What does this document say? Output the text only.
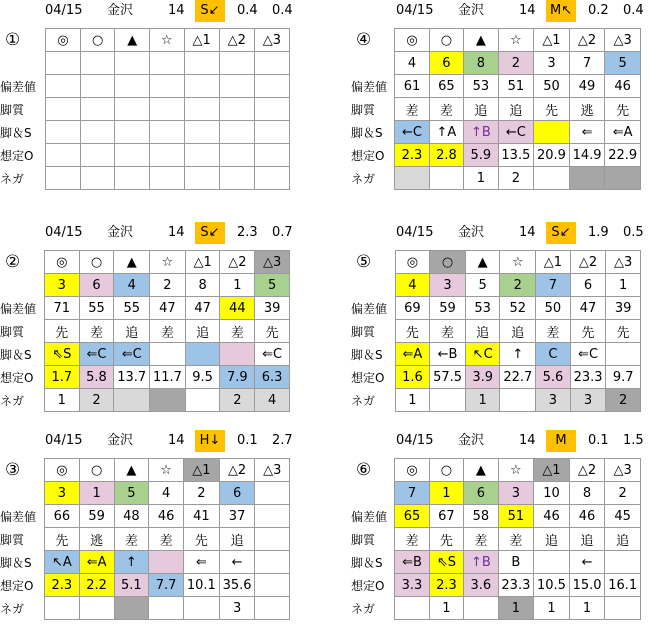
04/15 金沢	14	S↙	0.4 0.4
①
		◎	○	▲	☆	△1	△2	△3

偏差値							
脚質							
脚＆S							
想定O							
ネガ							
04/15 金沢	14	M↖	0.2 0.4
④
		◎	○	▲	☆	△1	△2	△3
	4	6	8	2	3	7	5
偏差値	61	65	53	51	50	49	46
脚質	差	差	追	追	先	逃	先
脚＆S	←C	↑A	↑B	←C		⇐	⇐A
想定O	2.3	2.8	5.9	13.5	20.9	14.9	22.9
ネガ			1	2			
04/15 金沢	14	S↙	2.3 0.7
②
		◎	○	▲	☆	△1	△2	△3
	3	6	4	2	8	1	5
偏差値	71	55	55	47	47	44	39
脚質	先	差	追	差	追	差	先
脚＆S	⇖S	⇐C	⇐C				⇐C
想定O	1.7	5.8	13.7	11.7	9.5	7.9	6.3
ネガ	1	2				2	4
04/15 金沢	14	S↙	1.9 0.5
⑤
		◎	○	▲	☆	△1	△2	△3
	4	3	5	2	7	6	1
偏差値	69	59	53	52	50	47	39
脚質	先	差	追	追	差	先	先
脚＆S	⇐A	←B	↖C	↑	C	⇐C	
想定O	1.6	57.5	3.9	22.7	5.6	23.3	9.7
ネガ	1		1		3	3	2
04/15 金沢	14	H↓	0.1 2.7
③
		◎	○	▲	☆	△1	△2	△3
	3	1	5	4	2	6	
偏差値	66	59	48	46	41	37	
脚質	先	逃	差	差	先	追	
脚＆S	↖A	⇐A	↑		⇐	←	
想定O	2.3	2.2	5.1	7.7	10.1	35.6	
ネガ						3	
04/15 金沢	14	M	0.1 1.5
⑥
		◎	○	▲	☆	△1	△2	△3
	7	1	6	3	10	8	2
偏差値	65	67	58	51	46	46	45
脚質	差	先	差	差	追	追	追
脚＆S	⇐B	⇖S	↑B	B		←	
想定O	3.3	2.3	3.6	23.3	10.5	15.0	16.1
ネガ		1		1	1	1	
